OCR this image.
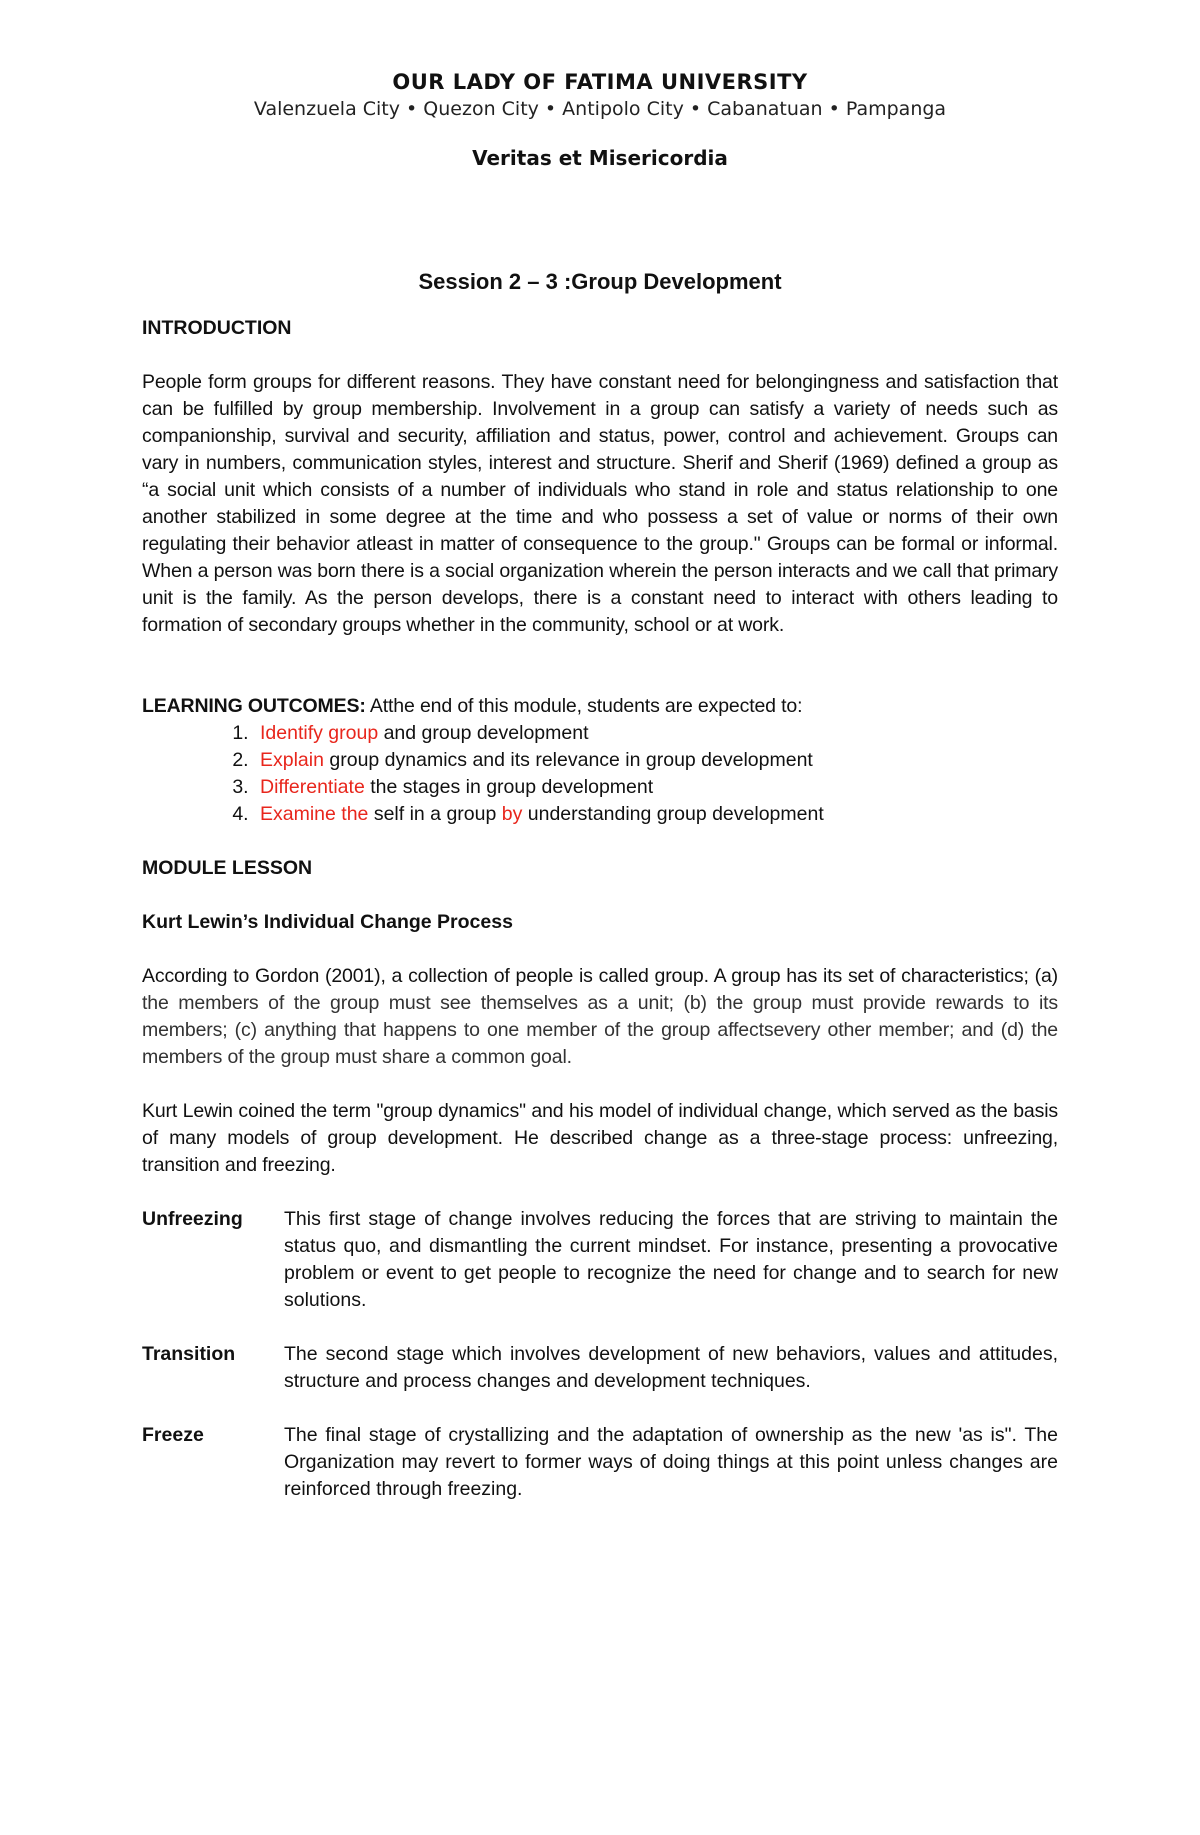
OUR LADY OF FATIMA UNIVERSITY
Valenzuela City • Quezon City • Antipolo City • Cabanatuan • Pampanga
Veritas et Misericordia
Session 2 – 3 :Group Development

INTRODUCTION

People form groups for different reasons. They have constant need for belongingness and satisfaction that can be fulfilled by group membership. Involvement in a group can satisfy a variety of needs such as companionship, survival and security, affiliation and status, power, control and achievement. Groups can vary in numbers, communication styles, interest and structure. Sherif and Sherif (1969) defined a group as “a social unit which consists of a number of individuals who stand in role and status relationship to one another stabilized in some degree at the time and who possess a set of value or norms of their own regulating their behavior atleast in matter of consequence to the group." Groups can be formal or informal. When a person was born there is a social organization wherein the person interacts and we call that primary unit is the family. As the person develops, there is a constant need to interact with others leading to formation of secondary groups whether in the community, school or at work.

LEARNING OUTCOMES: Atthe end of this module, students are expected to:

1. Identify group and group development
2. Explain group dynamics and its relevance in group development
3. Differentiate the stages in group development
4. Examine the self in a group by understanding group development

MODULE LESSON

Kurt Lewin’s Individual Change Process

According to Gordon (2001), a collection of people is called group. A group has its set of characteristics; (a) the members of the group must see themselves as a unit; (b) the group must provide rewards to its members; (c) anything that happens to one member of the group affectsevery other member; and (d) the members of the group must share a common goal.

Kurt Lewin coined the term "group dynamics" and his model of individual change, which served as the basis of many models of group development. He described change as a three-stage process: unfreezing, transition and freezing.

Unfreezing	This first stage of change involves reducing the forces that are striving to maintain the status quo, and dismantling the current mindset. For instance, presenting a provocative problem or event to get people to recognize the need for change and to search for new solutions.
Transition	The second stage which involves development of new behaviors, values and attitudes, structure and process changes and development techniques.
Freeze	The final stage of crystallizing and the adaptation of ownership as the new 'as is". The Organization may revert to former ways of doing things at this point unless changes are reinforced through freezing.
